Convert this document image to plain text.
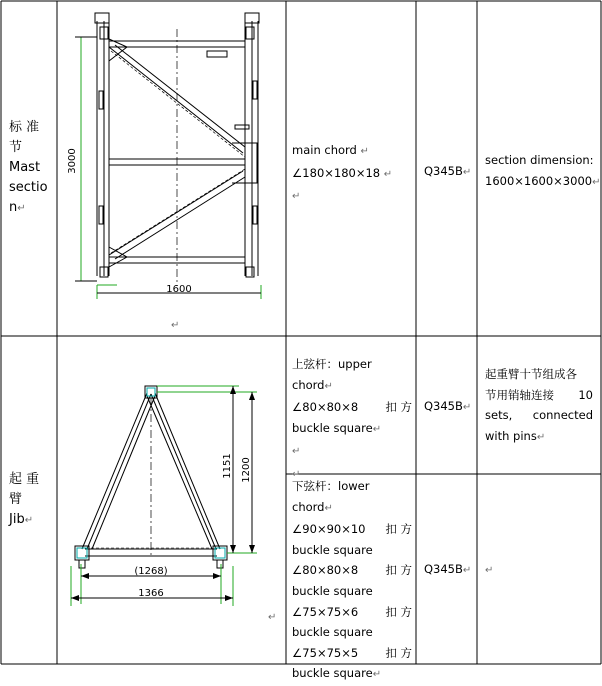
标 准
节
Mast
sectio
n↵
3000
1600
↵
main chord ↵
∠180×180×18 ↵
↵
Q345B↵
section dimension:
1600×1600×3000↵
起 重
臂
Jib↵
1151 1200
(1268)
1366
↵
上弦杆：upper chord↵
∠80×80×8 扣 方
buckle square↵
↵
↵
Q345B↵
起重臂十节组成各
节用销轴连接 10
sets, connected
with pins↵
下弦杆：lower chord↵
∠90×90×10 扣 方
buckle square
∠80×80×8 扣 方
buckle square
∠75×75×6 扣 方
buckle square
∠75×75×5 扣 方
buckle square↵
Q345B↵ ↵
